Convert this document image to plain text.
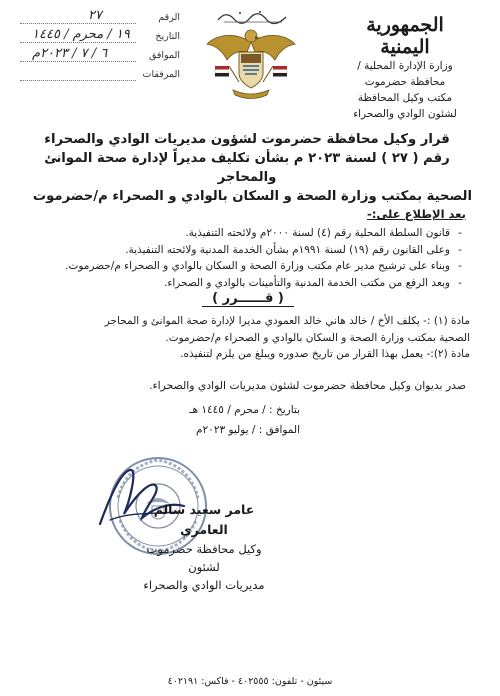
الجمهورية اليمنية
وزارة الإدارة المحلية / محافظة حضرموت
مكتب وكيل المحافظة
لشئون الوادي والصحراء
الرقم
٢٧
التاريخ
١٩ / محرم / ١٤٤٥
الموافق
٦ / ٧ / ٢٠٢٣م
المرفقات

قرار وكيل محافظة حضرموت لشؤون مديريات الوادي والصحراء

رقم ( ٢٧ ) لسنة ٢٠٢٣ م بشأن تكليف مديراً لإدارة صحة الموانئ والمحاجر

الصحية بمكتب وزارة الصحة و السكان بالوادي و الصحراء م/حضرموت

بعد الإطلاع على:-
- قانون السلطة المحلية رقم (٤) لسنة ٢٠٠٠م ولائحته التنفيذية.
- وعلى القانون رقم (١٩) لسنة ١٩٩١م بشأن الخدمة المدنية ولائحته التنفيذية.
- وبناء على ترشيح مدير عام مكتب وزارة الصحة و السكان بالوادي و الصحراء م/حضرموت.
- وبعد الرفع من مكتب الخدمة المدنية والتأمينات بالوادي و الصحراء.
( قــــــرر )

مادة (١) :- يكلف الأخ / خالد هاني خالد العمودي مديرا لإدارة صحة الموانئ و المحاجر

الصحية بمكتب وزارة الصحة و السكان بالوادي و الصحراء م/حضرموت.

مادة (٢):- يعمل بهذا القرار من تاريخ صدوره ويبلغ من يلزم لتنفيذه.

صدر بديوان وكيل محافظة حضرموت لشئون مديريات الوادي والصحراء.
بتاريخ : / محرم / ١٤٤٥ هـ
الموافق : / يوليو ٢٠٢٣م
عامر سعيد سالم العامري
وكيل محافظة حضرموت لشئون
مديريات الوادي والصحراء
سيئون - تلفون: ٤٠٢٥٥٥ - فاكس: ٤٠٢١٩١
